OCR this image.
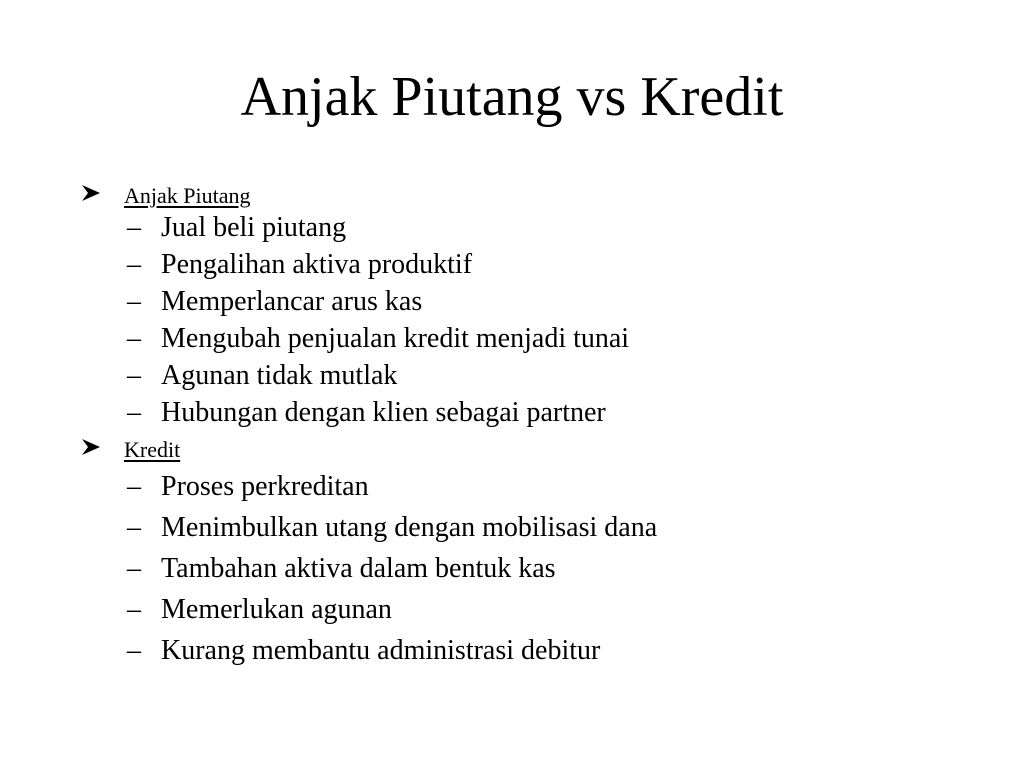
Anjak Piutang vs Kredit
Anjak Piutang
– Jual beli piutang
– Pengalihan aktiva produktif
– Memperlancar arus kas
– Mengubah penjualan kredit menjadi tunai
– Agunan tidak mutlak
– Hubungan dengan klien sebagai partner
Kredit
– Proses perkreditan
– Menimbulkan utang dengan mobilisasi dana
– Tambahan aktiva dalam bentuk kas
– Memerlukan agunan
– Kurang membantu administrasi debitur
